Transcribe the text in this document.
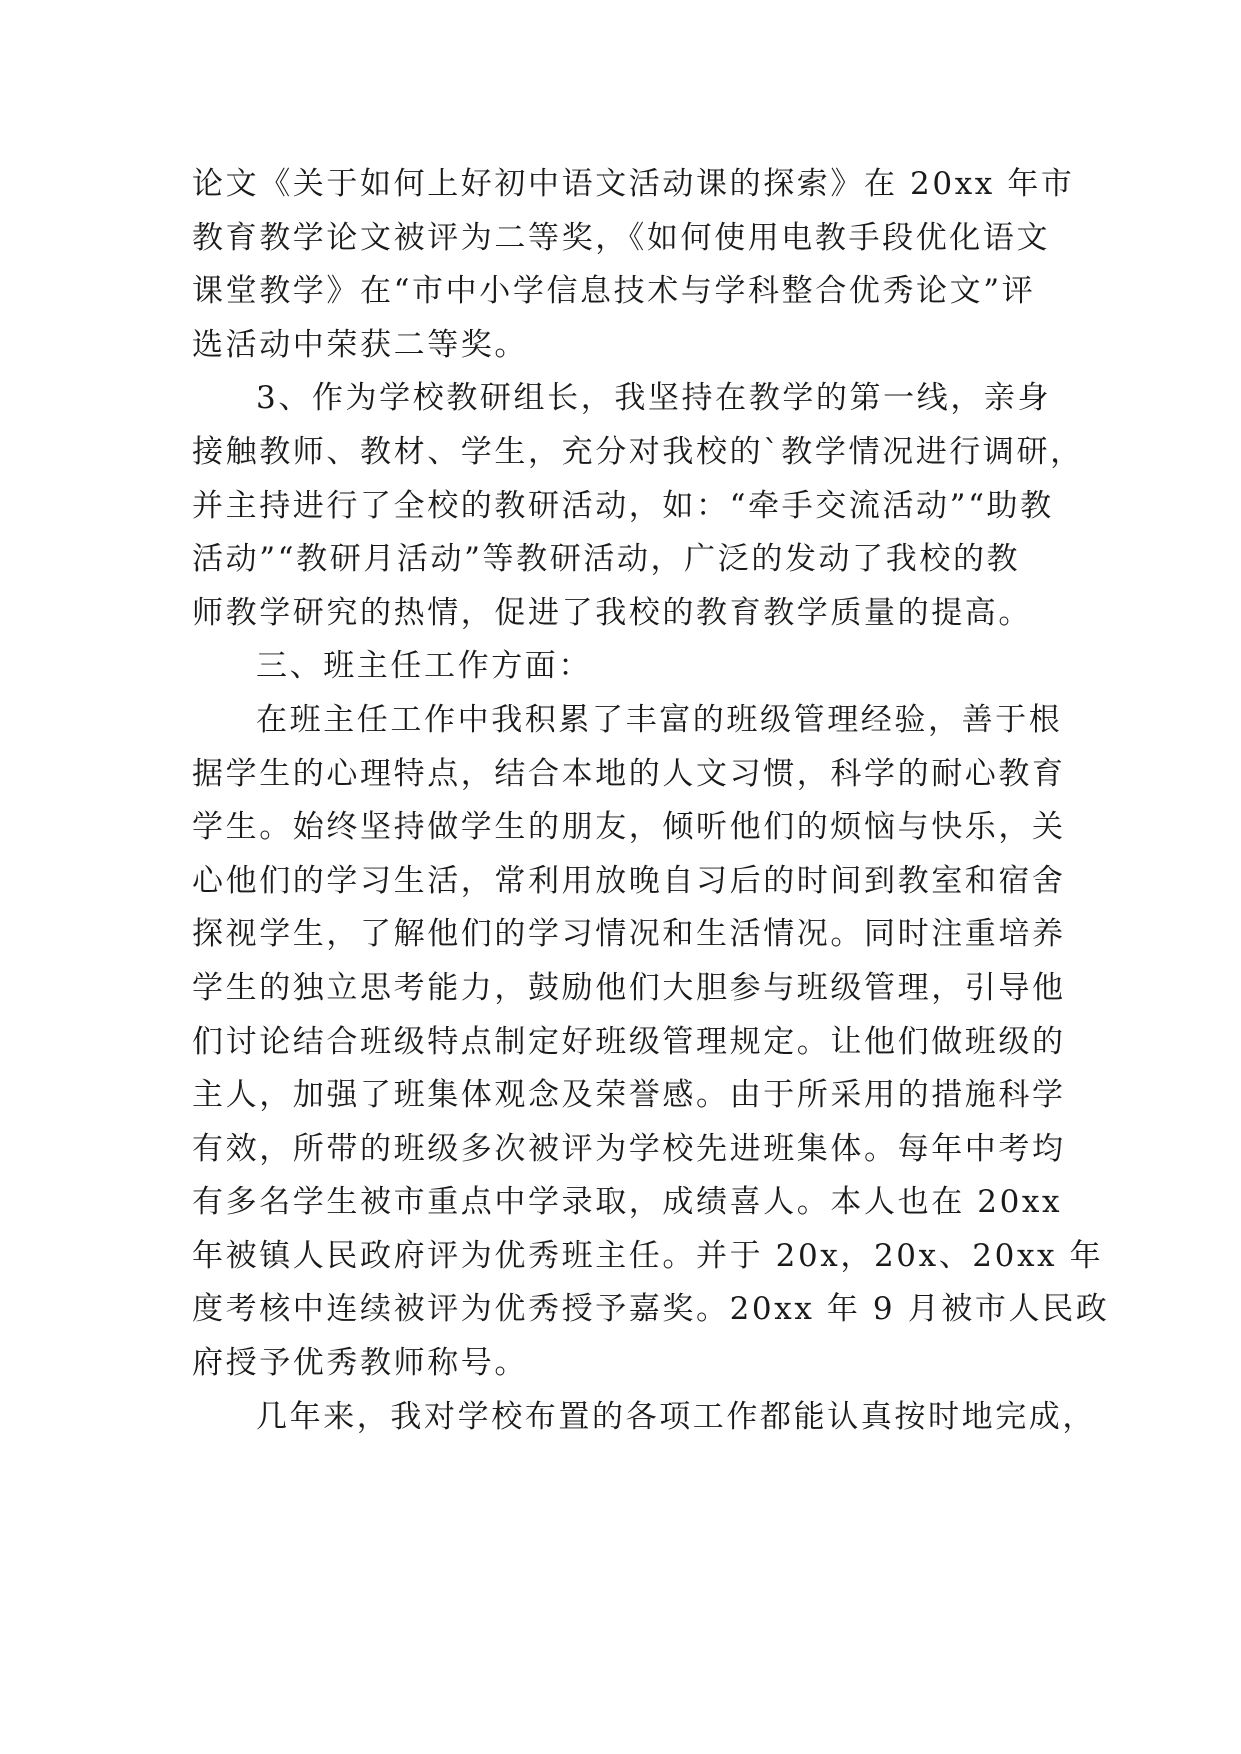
论文《关于如何上好初中语文活动课的探索》在 20xx 年市
教育教学论文被评为二等奖，《如何使用电教手段优化语文
课堂教学》在“市中小学信息技术与学科整合优秀论文”评
选活动中荣获二等奖。
3、作为学校教研组长，我坚持在教学的第一线，亲身
接触教师、教材、学生，充分对我校的`教学情况进行调研，
并主持进行了全校的教研活动，如：“牵手交流活动”“助教
活动”“教研月活动”等教研活动，广泛的发动了我校的教
师教学研究的热情，促进了我校的教育教学质量的提高。
三、班主任工作方面：
在班主任工作中我积累了丰富的班级管理经验，善于根
据学生的心理特点，结合本地的人文习惯，科学的耐心教育
学生。始终坚持做学生的朋友，倾听他们的烦恼与快乐，关
心他们的学习生活，常利用放晚自习后的时间到教室和宿舍
探视学生，了解他们的学习情况和生活情况。同时注重培养
学生的独立思考能力，鼓励他们大胆参与班级管理，引导他
们讨论结合班级特点制定好班级管理规定。让他们做班级的
主人，加强了班集体观念及荣誉感。由于所采用的措施科学
有效，所带的班级多次被评为学校先进班集体。每年中考均
有多名学生被市重点中学录取，成绩喜人。本人也在 20xx
年被镇人民政府评为优秀班主任。并于 20x，20x、20xx 年
度考核中连续被评为优秀授予嘉奖。20xx 年 9 月被市人民政
府授予优秀教师称号。
几年来，我对学校布置的各项工作都能认真按时地完成，
